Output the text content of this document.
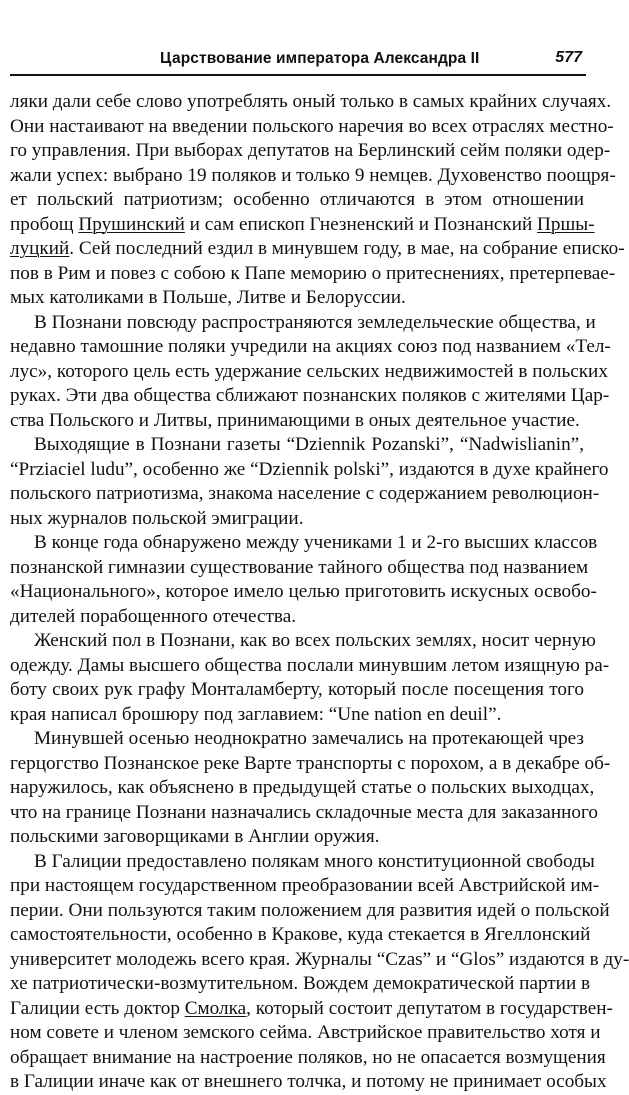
Царствование императора Александра II	577
ляки дали себе слово употреблять оный только в самых крайних случаях.
Они настаивают на введении польского наречия во всех отраслях местно-
го управления. При выборах депутатов на Берлинский сейм поляки одер-
жали успех: выбрано 19 поляков и только 9 немцев. Духовенство поощря-
ет польский патриотизм; особенно отличаются в этом отношении
пробощ Прушинский и сам епископ Гнезненский и Познанский Пршы-
луцкий. Сей последний ездил в минувшем году, в мае, на собрание еписко-
пов в Рим и повез с собою к Папе меморию о притеснениях, претерпевае-
мых католиками в Польше, Литве и Белоруссии.
В Познани повсюду распространяются земледельческие общества, и
недавно тамошние поляки учредили на акциях союз под названием «Тел-
лус», которого цель есть удержание сельских недвижимостей в польских
руках. Эти два общества сближают познанских поляков с жителями Цар-
ства Польского и Литвы, принимающими в оных деятельное участие.
Выходящие в Познани газеты “Dziennik Pozanski”, “Nadwislianin”,
“Prziaciel ludu”, особенно же “Dziennik polski”, издаются в духе крайнего
польского патриотизма, знакома население с содержанием революцион-
ных журналов польской эмиграции.
В конце года обнаружено между учениками 1 и 2-го высших классов
познанской гимназии существование тайного общества под названием
«Национального», которое имело целью приготовить искусных освобо-
дителей порабощенного отечества.
Женский пол в Познани, как во всех польских землях, носит черную
одежду. Дамы высшего общества послали минувшим летом изящную ра-
боту своих рук графу Монталамберту, который после посещения того
края написал брошюру под заглавием: “Une nation en deuil”.
Минувшей осенью неоднократно замечались на протекающей чрез
герцогство Познанское реке Варте транспорты с порохом, а в декабре об-
наружилось, как объяснено в предыдущей статье о польских выходцах,
что на границе Познани назначались складочные места для заказанного
польскими заговорщиками в Англии оружия.
В Галиции предоставлено полякам много конституционной свободы
при настоящем государственном преобразовании всей Австрийской им-
перии. Они пользуются таким положением для развития идей о польской
самостоятельности, особенно в Кракове, куда стекается в Ягеллонский
университет молодежь всего края. Журналы “Czas” и “Glos” издаются в ду-
хе патриотически-возмутительном. Вождем демократической партии в
Галиции есть доктор Смолка, который состоит депутатом в государствен-
ном совете и членом земского сейма. Австрийское правительство хотя и
обращает внимание на настроение поляков, но не опасается возмущения
в Галиции иначе как от внешнего толчка, и потому не принимает особых
